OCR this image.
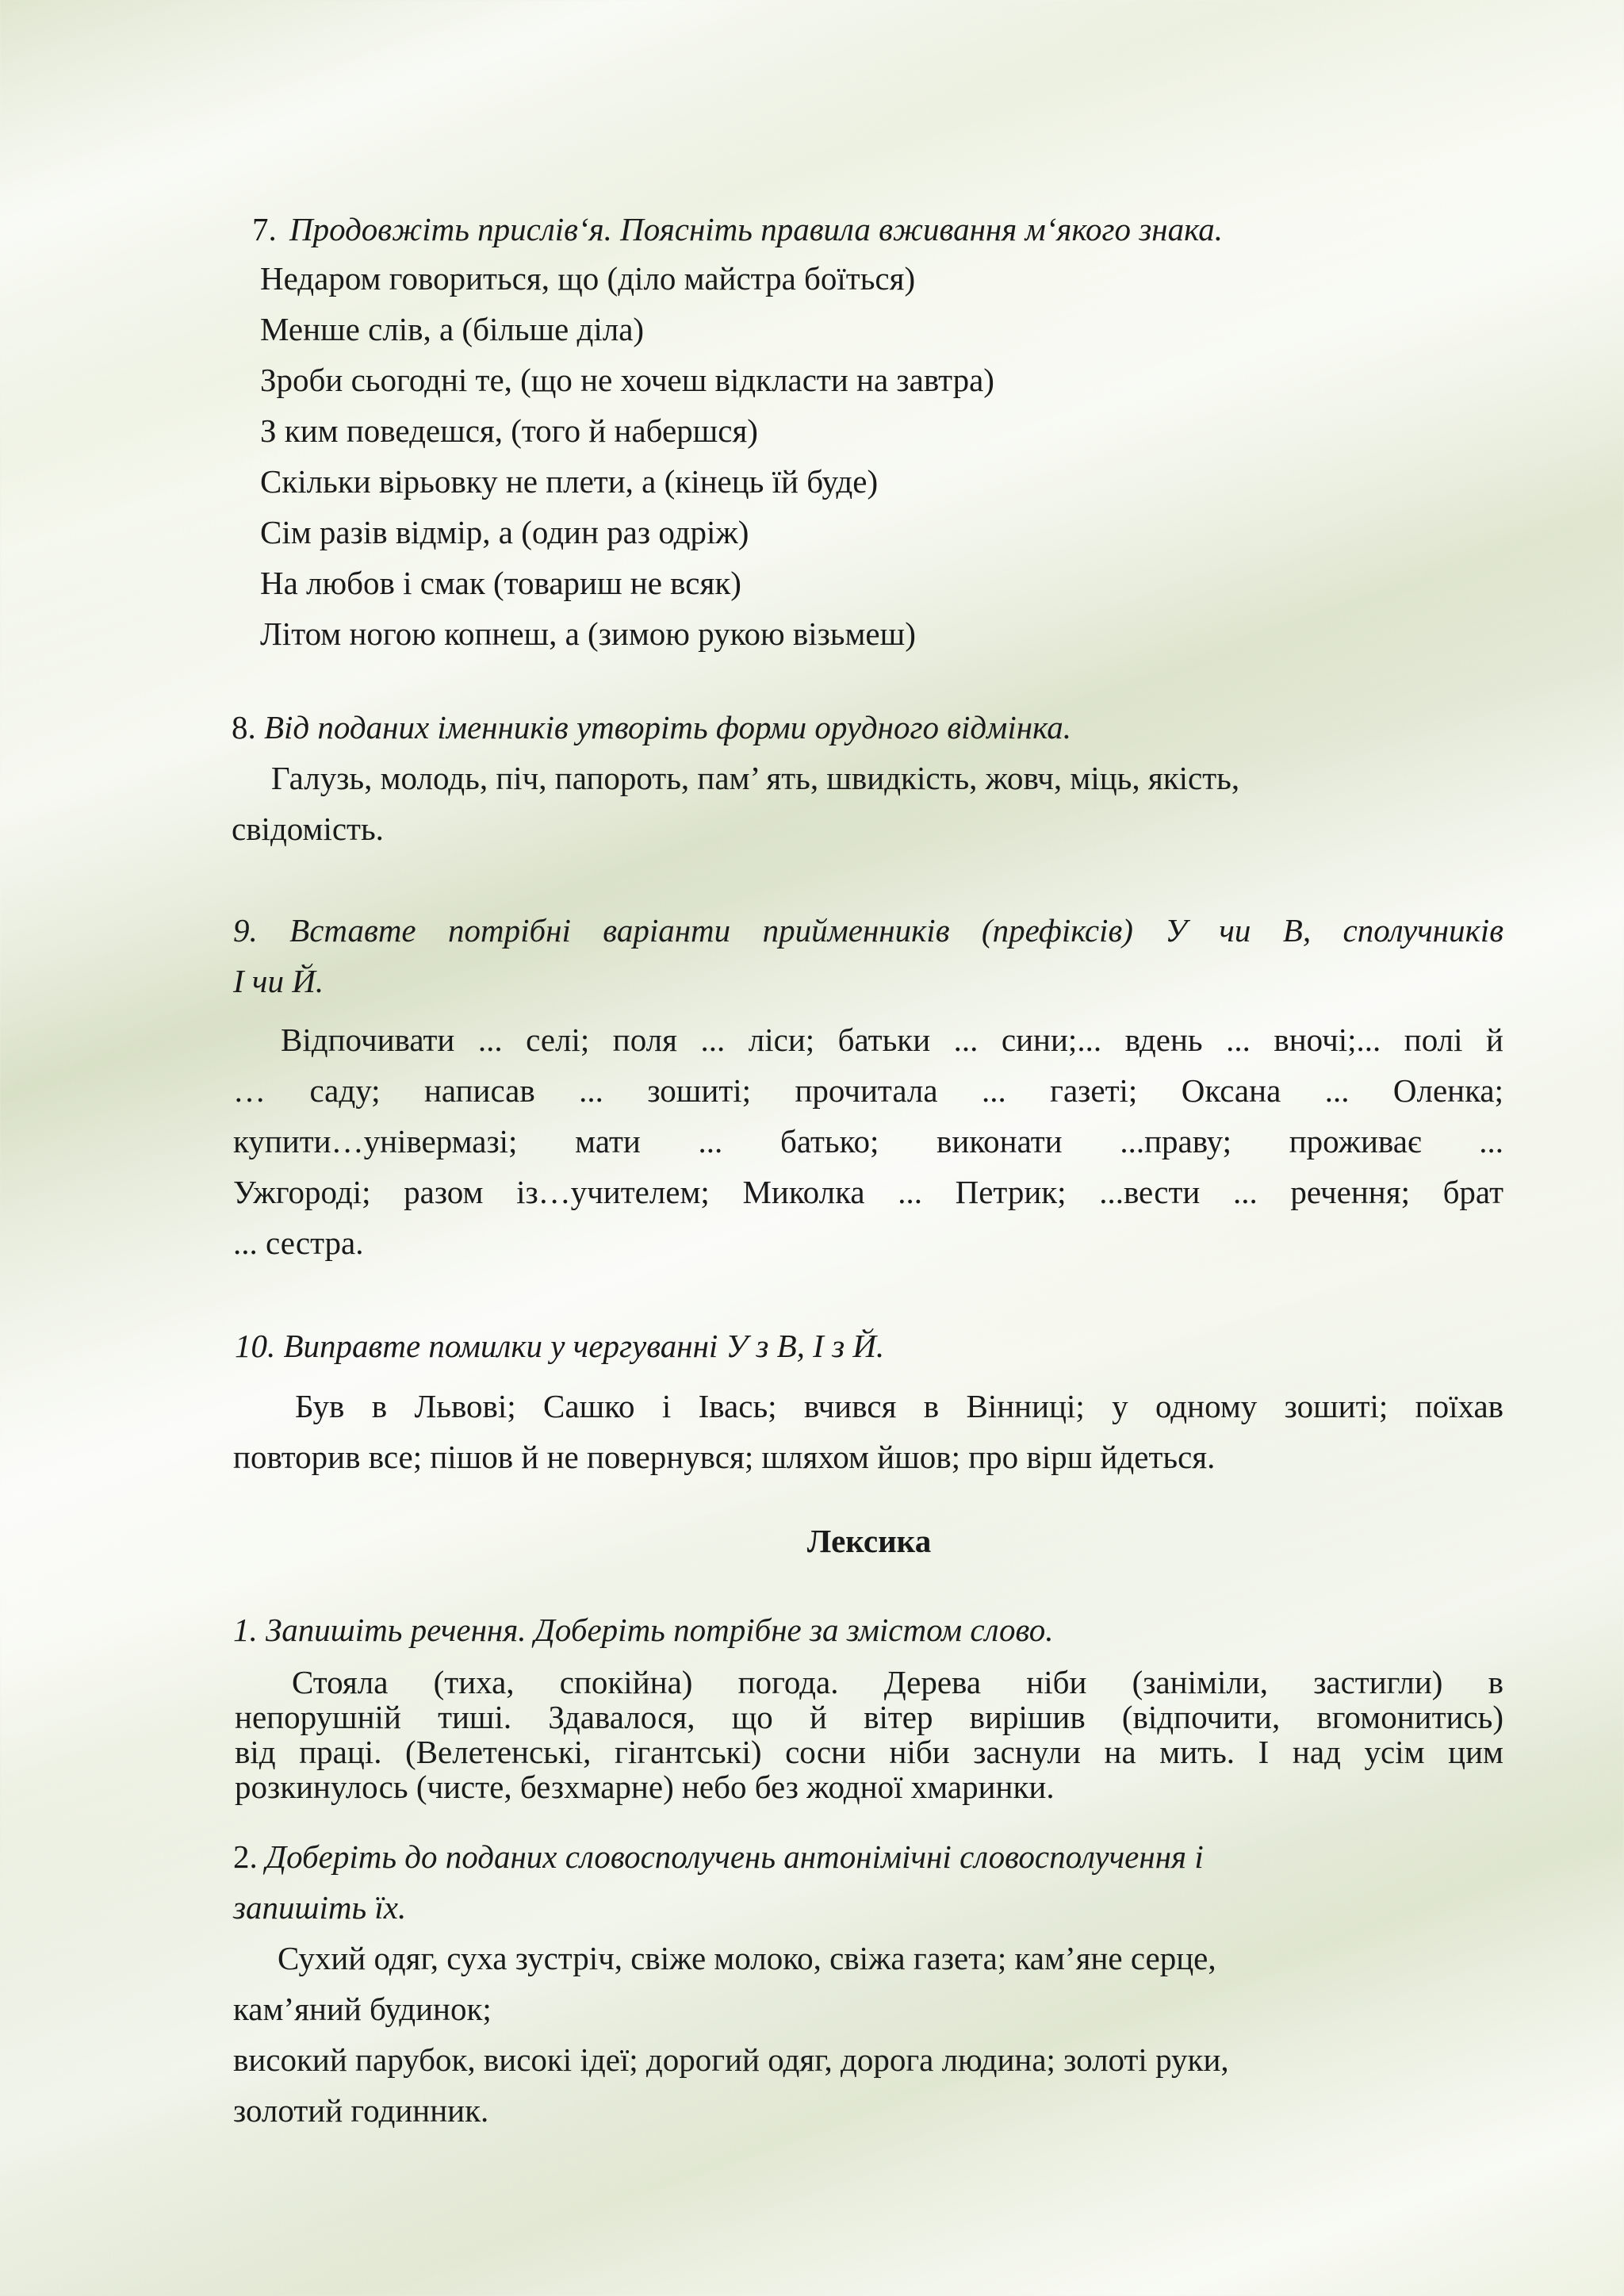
7. Продовжіть прислів‘я. Поясніть правила вживання м‘якого знака.

Недаром говориться, що (діло майстра боїться)

Менше слів, а (більше діла)

Зроби сьогодні те, (що не хочеш відкласти на завтра)

З ким поведешся, (того й набершся)

Скільки вірьовку не плети, а (кінець їй буде)

Сім разів відмір, а (один раз одріж)

На любов і смак (товариш не всяк)

Літом ногою копнеш, а (зимою рукою візьмеш)

8. Від поданих іменників утворіть форми орудного відмінка.

Галузь, молодь, піч, папороть, пам’ ять, швидкість, жовч, міць, якість,

свідомість.

9. Вставте потрібні варіанти прийменників (префіксів) У чи В, сполучників

І чи Й.

Відпочивати ... селі; поля ... ліси; батьки ... сини;... вдень ... вночі;... полі й

… саду; написав ... зошиті; прочитала ... газеті; Оксана ... Оленка;

купити…універмазі; мати ... батько; виконати ...праву; проживає ...

Ужгороді; разом із…учителем; Миколка ... Петрик; ...вести ... речення; брат

... сестра.

10. Виправте помилки у чергуванні У з В, І з Й.

Був в Львові; Сашко і Івась; вчився в Вінниці; у одному зошиті; поїхав

повторив все; пішов й не повернувся; шляхом йшов; про вірш йдеться.

Лексика

1. Запишіть речення. Доберіть потрібне за змістом слово.

Стояла (тиха, спокійна) погода. Дерева ніби (заніміли, застигли) в

непорушній тиші. Здавалося, що й вітер вирішив (відпочити, вгомонитись)

від праці. (Велетенські, гігантські) сосни ніби заснули на мить. І над усім цим

розкинулось (чисте, безхмарне) небо без жодної хмаринки.

2. Доберіть до поданих словосполучень антонімічні словосполучення і

запишіть їх.

Сухий одяг, суха зустріч, свіже молоко, свіжа газета; кам’яне серце,

кам’яний будинок;

високий парубок, високі ідеї; дорогий одяг, дорога людина; золоті руки,

золотий годинник.
